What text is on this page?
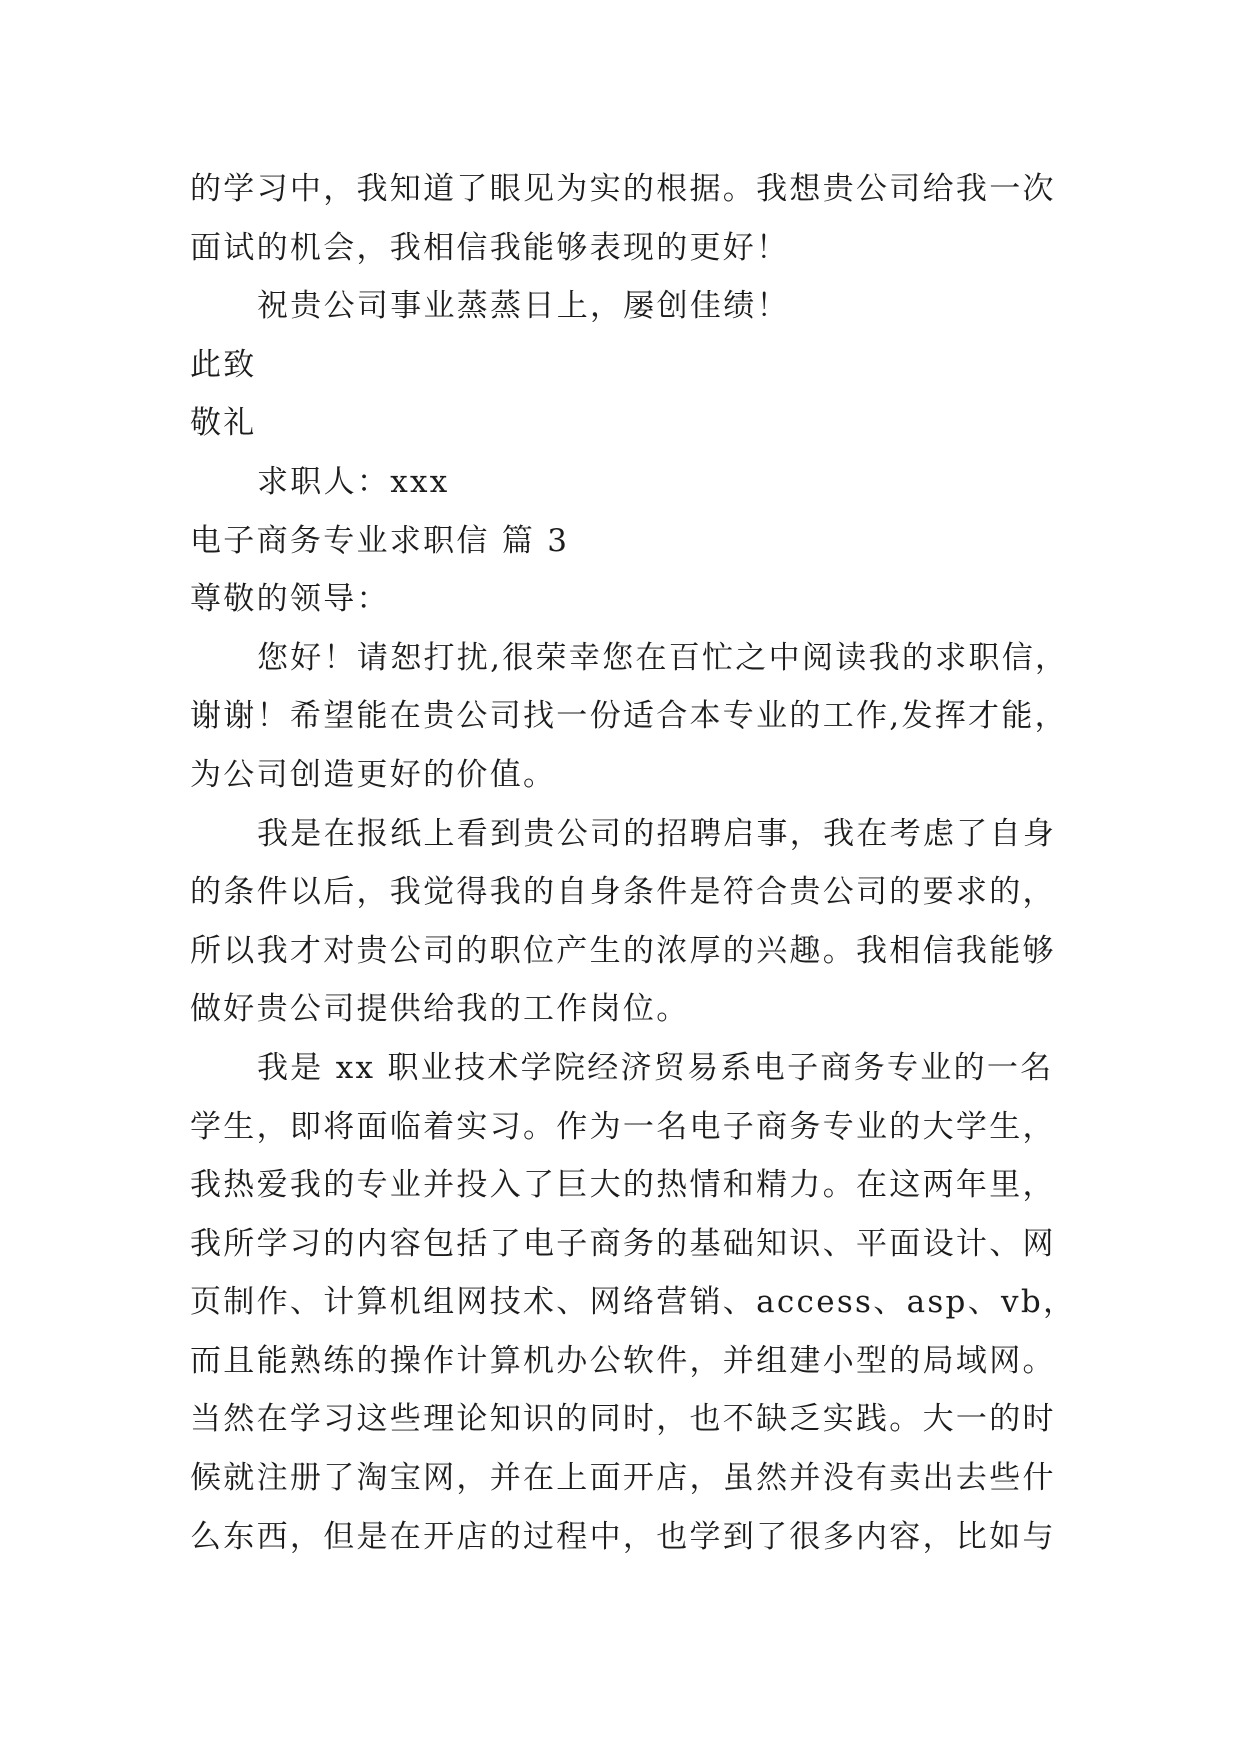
的学习中，我知道了眼见为实的根据。我想贵公司给我一次
面试的机会，我相信我能够表现的更好！
祝贵公司事业蒸蒸日上，屡创佳绩！
此致
敬礼
求职人：xxx
电子商务专业求职信 篇 3
尊敬的领导：
您好！请恕打扰,很荣幸您在百忙之中阅读我的求职信，
谢谢！希望能在贵公司找一份适合本专业的工作,发挥才能，
为公司创造更好的价值。
我是在报纸上看到贵公司的招聘启事，我在考虑了自身
的条件以后，我觉得我的自身条件是符合贵公司的要求的，
所以我才对贵公司的职位产生的浓厚的兴趣。我相信我能够
做好贵公司提供给我的工作岗位。
我是 xx 职业技术学院经济贸易系电子商务专业的一名
学生，即将面临着实习。作为一名电子商务专业的大学生，
我热爱我的专业并投入了巨大的热情和精力。在这两年里，
我所学习的内容包括了电子商务的基础知识、平面设计、网
页制作、计算机组网技术、网络营销、access、asp、vb，
而且能熟练的操作计算机办公软件，并组建小型的局域网。
当然在学习这些理论知识的同时，也不缺乏实践。大一的时
候就注册了淘宝网，并在上面开店，虽然并没有卖出去些什
么东西，但是在开店的过程中，也学到了很多内容，比如与
